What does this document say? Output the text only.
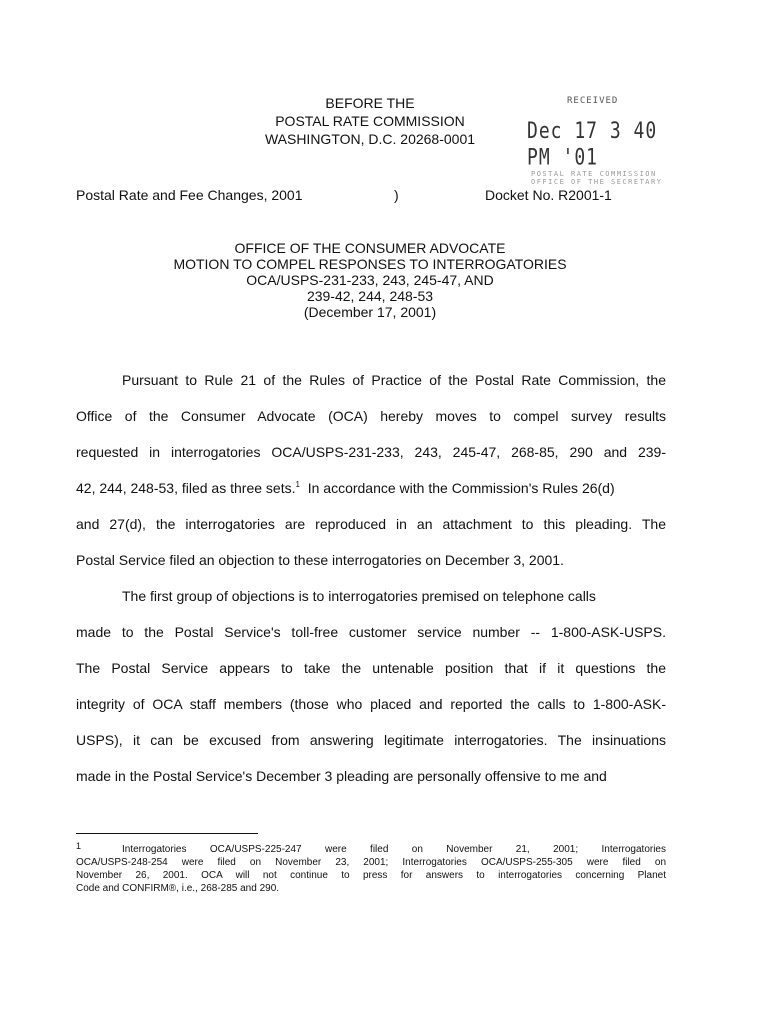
BEFORE THE
POSTAL RATE COMMISSION
WASHINGTON, D.C. 20268-0001
RECEIVED
Dec 17 3 40 PM '01
POSTAL RATE COMMISSION
OFFICE OF THE SECRETARY
Postal Rate and Fee Changes, 2001	)	Docket No. R2001-1
OFFICE OF THE CONSUMER ADVOCATE
MOTION TO COMPEL RESPONSES TO INTERROGATORIES
OCA/USPS-231-233, 243, 245-47, AND
239-42, 244, 248-53
(December 17, 2001)

Pursuant to Rule 21 of the Rules of Practice of the Postal Rate Commission, the
Office of the Consumer Advocate (OCA) hereby moves to compel survey results
requested in interrogatories OCA/USPS-231-233, 243, 245-47, 268-85, 290 and 239-
42, 244, 248-53, filed as three sets.$^1$ In accordance with the Commission's Rules 26(d)
and 27(d), the interrogatories are reproduced in an attachment to this pleading. The
Postal Service filed an objection to these interrogatories on December 3, 2001.

The first group of objections is to interrogatories premised on telephone calls
made to the Postal Service's toll-free customer service number -- 1-800-ASK-USPS.
The Postal Service appears to take the untenable position that if it questions the
integrity of OCA staff members (those who placed and reported the calls to 1-800-ASK-
USPS), it can be excused from answering legitimate interrogatories. The insinuations
made in the Postal Service's December 3 pleading are personally offensive to me and

1	Interrogatories OCA/USPS-225-247 were filed on November 21, 2001; Interrogatories
OCA/USPS-248-254 were filed on November 23, 2001; Interrogatories OCA/USPS-255-305 were filed on
November 26, 2001. OCA will not continue to press for answers to interrogatories concerning Planet
Code and CONFIRM®, i.e., 268-285 and 290.
